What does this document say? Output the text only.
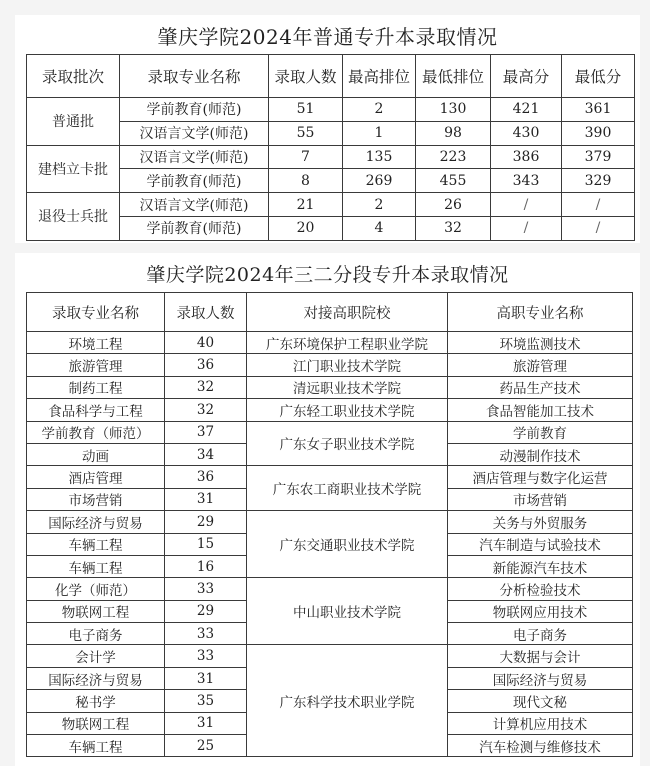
肇庆学院2024年普通专升本录取情况
录取批次	录取专业名称	录取人数	最高排位	最低排位	最高分	最低分
普通批	学前教育(师范)	51	2	130	421	361
	汉语言文学(师范)	55	1	98	430	390
建档立卡批	汉语言文学(师范)	7	135	223	386	379
	学前教育(师范)	8	269	455	343	329
退役士兵批	汉语言文学(师范)	21	2	26	/	/
	学前教育(师范)	20	4	32	/	/
肇庆学院2024年三二分段专升本录取情况
录取专业名称	录取人数	对接高职院校	高职专业名称
环境工程	40	广东环境保护工程职业学院	环境监测技术
旅游管理	36	江门职业技术学院	旅游管理
制药工程	32	清远职业技术学院	药品生产技术
食品科学与工程	32	广东轻工职业技术学院	食品智能加工技术
学前教育（师范）	37	广东女子职业技术学院	学前教育
动画	34		动漫制作技术
酒店管理	36	广东农工商职业技术学院	酒店管理与数字化运营
市场营销	31		市场营销
国际经济与贸易	29	广东交通职业技术学院	关务与外贸服务
车辆工程	15		汽车制造与试验技术
车辆工程	16		新能源汽车技术
化学（师范）	33	中山职业技术学院	分析检验技术
物联网工程	29		物联网应用技术
电子商务	33		电子商务
会计学	33	广东科学技术职业学院	大数据与会计
国际经济与贸易	31		国际经济与贸易
秘书学	35		现代文秘
物联网工程	31		计算机应用技术
车辆工程	25		汽车检测与维修技术
